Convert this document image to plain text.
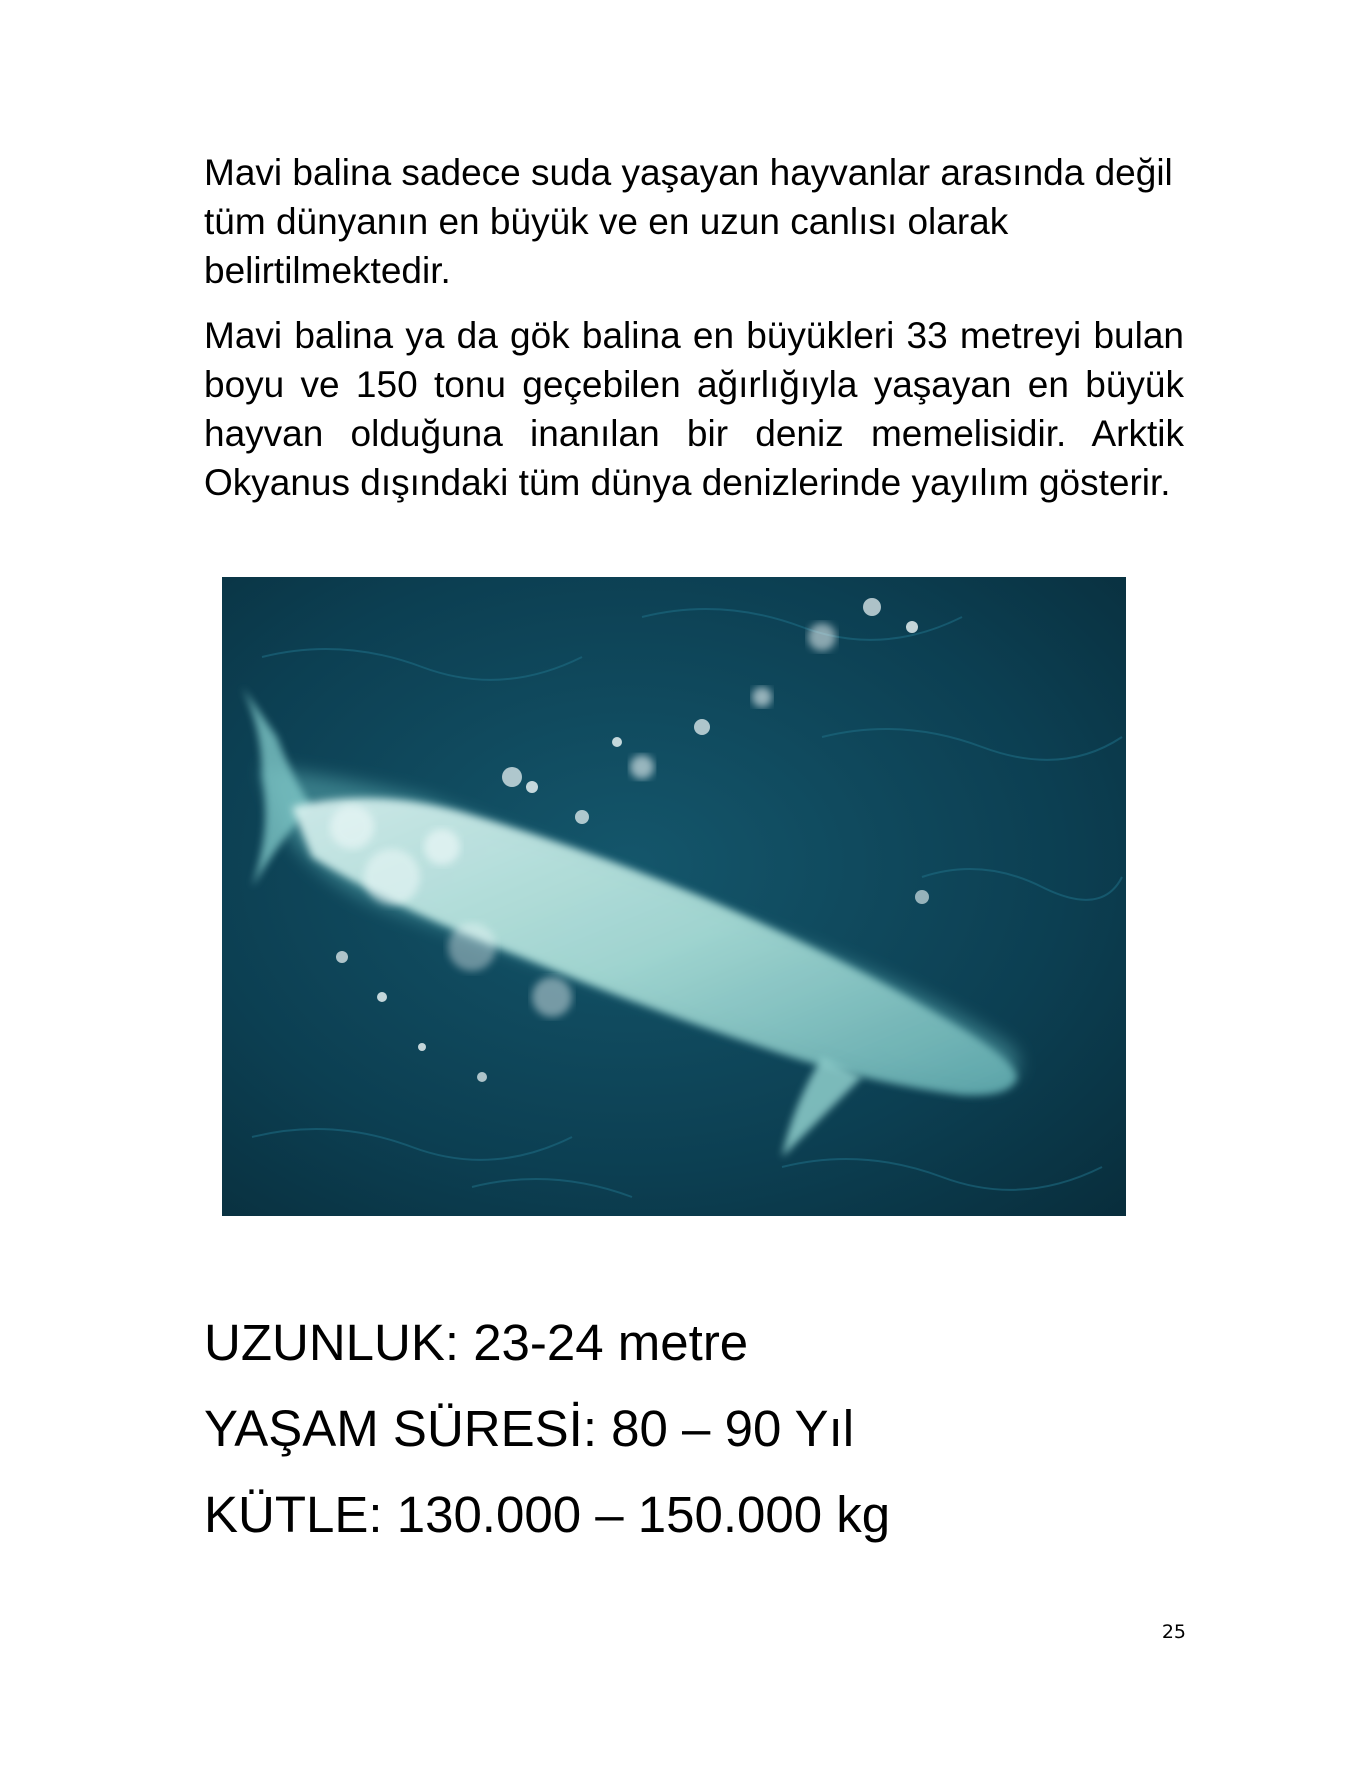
Mavi balina sadece suda yaşayan hayvanlar arasında değil tüm dünyanın en büyük ve en uzun canlısı olarak belirtilmektedir.

Mavi balina ya da gök balina en büyükleri 33 metreyi bulan boyu ve 150 tonu geçebilen ağırlığıyla yaşayan en büyük hayvan olduğuna inanılan bir deniz memelisidir. Arktik Okyanus dışındaki tüm dünya denizlerinde yayılım gösterir.

UZUNLUK: 23-24 metre

YAŞAM SÜRESİ: 80 – 90 Yıl

KÜTLE: 130.000 – 150.000 kg

25
